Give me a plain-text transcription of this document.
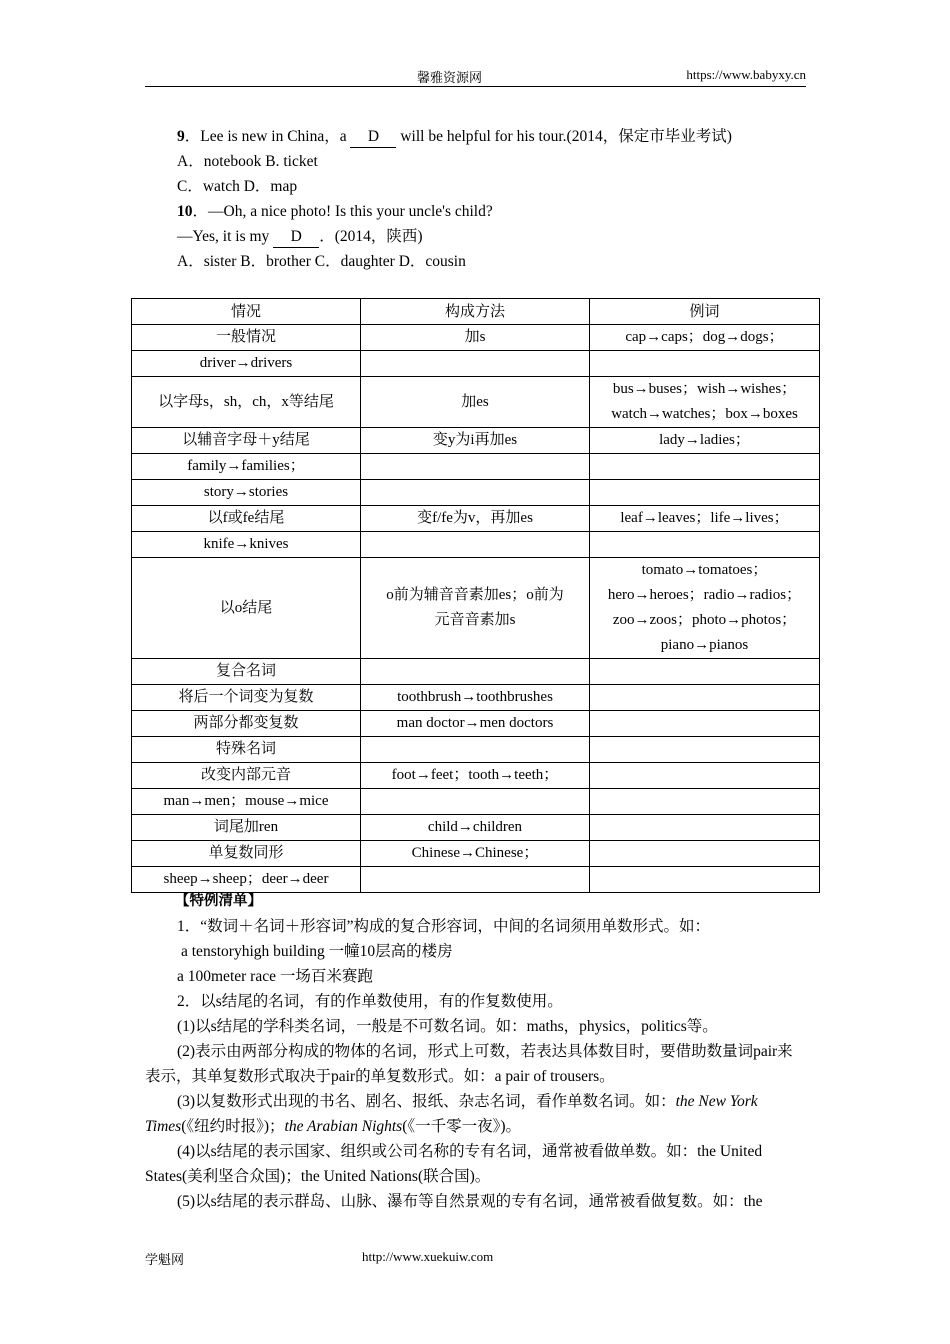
馨雅资源网	https://www.babyxy.cn
9．Lee is new in China，a D will be helpful for his tour.(2014，保定市毕业考试)
A．notebook B. ticket
C．watch D．map
10．—Oh, a nice photo! Is this your uncle's child?
—Yes, it is my D ．(2014，陕西)
A．sister B．brother C．daughter D．cousin
情况	构成方法	例词
一般情况	加s	cap→caps；dog→dogs；
driver→drivers		
以字母s，sh，ch，x等结尾	加es	bus→buses；wish→wishes；
watch→watches；box→boxes
以辅音字母＋y结尾	变y为i再加es	lady→ladies；
family→families；		
story→stories		
以f或fe结尾	变f/fe为v，再加es	leaf→leaves；life→lives；
knife→knives		
以o结尾	o前为辅音音素加es；o前为
元音音素加s	tomato→tomatoes；
hero→heroes；radio→radios；
zoo→zoos；photo→photos；
piano→pianos
复合名词		
将后一个词变为复数	toothbrush→toothbrushes	
两部分都变复数	man doctor→men doctors	
特殊名词		
改变内部元音	foot→feet；tooth→teeth；	
man→men；mouse→mice		
词尾加ren	child→children	
单复数同形	Chinese→Chinese；	
sheep→sheep；deer→deer		
【特例清单】
1．“数词＋名词＋形容词”构成的复合形容词，中间的名词须用单数形式。如：
a tenstoryhigh building 一幢10层高的楼房
a 100meter race 一场百米赛跑
2．以s结尾的名词，有的作单数使用，有的作复数使用。
(1)以s结尾的学科类名词，一般是不可数名词。如：maths，physics，politics等。
(2)表示由两部分构成的物体的名词，形式上可数，若表达具体数目时，要借助数量词pair来表示，其单复数形式取决于pair的单复数形式。如：a pair of trousers。
(3)以复数形式出现的书名、剧名、报纸、杂志名词，看作单数名词。如：the New York Times(《纽约时报》)；the Arabian Nights(《一千零一夜》)。
(4)以s结尾的表示国家、组织或公司名称的专有名词，通常被看做单数。如：the United States(美利坚合众国)；the United Nations(联合国)。
(5)以s结尾的表示群岛、山脉、瀑布等自然景观的专有名词，通常被看做复数。如：the
学魁网	http://www.xuekuiw.com
